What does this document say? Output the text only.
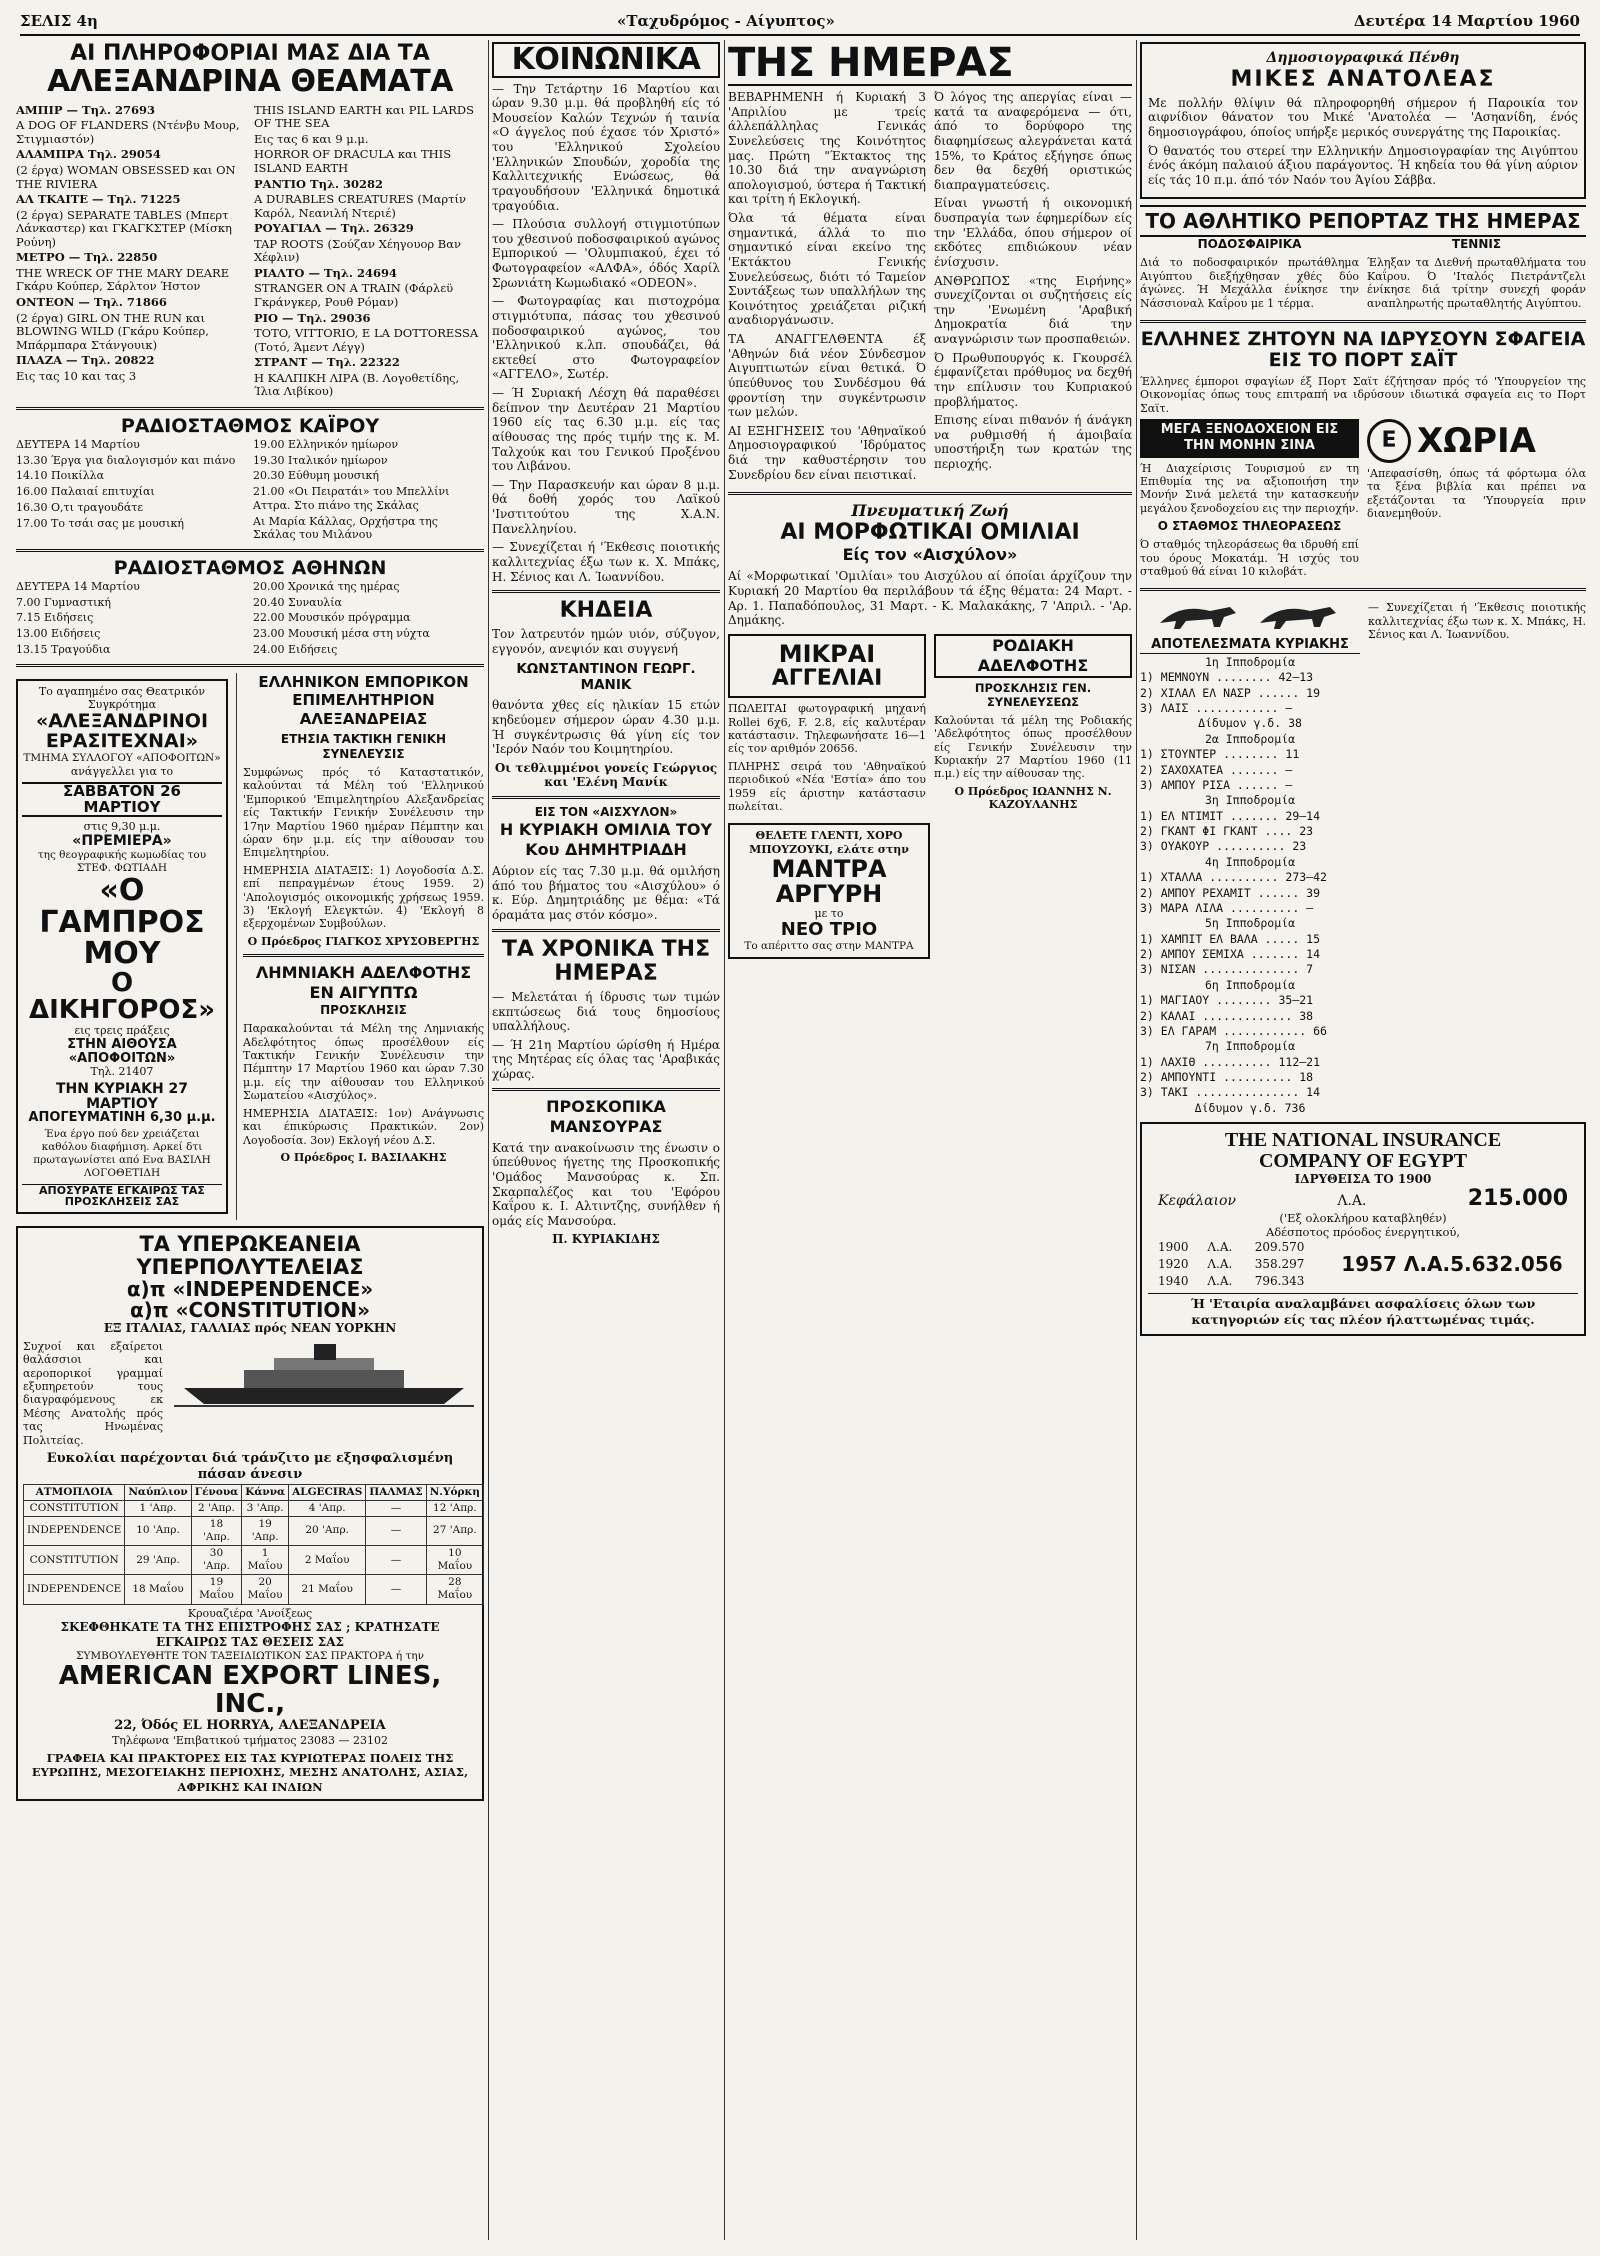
ΣΕΛΙΣ 4η	«Ταχυδρόμος - Αίγυπτος»	Δευτέρα 14 Μαρτίου 1960
ΑΙ ΠΛΗΡΟΦΟΡΙΑΙ ΜΑΣ ΔΙΑ ΤΑ
ΑΛΕΞΑΝΔΡΙΝΑ ΘΕΑΜΑΤΑ

ΑΜΠΙΡ — Τηλ. 27693

A DOG OF FLANDERS (Ντένβυ Μουρ, Στιγμιαστόν)

ΑΛΑΜΠΡΑ Τηλ. 29054

(2 έργα) WOMAN OBSESSED και ON THE RIVIERA

ΑΛ ΤΚΑΙΤΕ — Τηλ. 71225

(2 έργα) SEPARATE TABLES (Μπερτ Λάνκαστερ) και ΓΚΑΓΚΣΤΕΡ (Μίσκη Ρούνη)

ΜΕΤΡΟ — Τηλ. 22850

THE WRECK OF THE MARY DEARE Γκάρυ Κούπερ, Σάρλτον Ήστον

ΟΝΤΕΟΝ — Τηλ. 71866

(2 έργα) GIRL ON THE RUN και BLOWING WILD (Γκάρυ Κούπερ, Μπάρμπαρα Στάνγουικ)

ΠΛΑΖΑ — Τηλ. 20822

Εις τας 10 και τας 3

THIS ISLAND EARTH και PIL LARDS OF THE SEA

Εις τας 6 και 9 μ.μ.

HORROR OF DRACULA και THIS ISLAND EARTH

ΡΑΝΤΙΟ Τηλ. 30282

A DURABLES CREATURES (Μαρτίν Καρόλ, Νεανιλή Ντεριέ)

ΡΟΥΑΓΙΑΛ — Τηλ. 26329

TAP ROOTS (Σούζαν Χέηγουορ Βαν Χέφλιν)

ΡΙΑΛΤΟ — Τηλ. 24694

STRANGER ON A TRAIN (Φάρλεϋ Γκράνγκερ, Ρουθ Ρόμαν)

ΡΙΟ — Τηλ. 29036

TOTO, VITTORIO, E LA DOTTORESSA (Τοτό, Άμεντ Λέγγ)

ΣΤΡΑΝΤ — Τηλ. 22322

Η ΚΑΛΠΙΚΗ ΛΙΡΑ (Β. Λογοθετίδης, Ίλια Λιβίκου)

ΡΑΔΙΟΣΤΑΘΜΟΣ ΚΑΪΡΟΥ
ΔΕΥΤΕΡΑ 14 Μαρτίου
13.30 Έργα για διαλογισμόν και πιάνο
14.10 Ποικίλλα
16.00 Παλαιαί επιτυχίαι
16.30 Ο,τι τραγουδάτε
17.00 Το τσάι σας με μουσική
19.00 Ελληνικόν ημίωρον
19.30 Ιταλικόν ημίωρον
20.30 Εύθυμη μουσική
21.00 «Οι Πειρατάι» του Μπελλίνι Αττρα. Στο πιάνο της Σκάλας
Αι Μαρία Κάλλας, Ορχήστρα της Σκάλας του Μιλάνου
ΡΑΔΙΟΣΤΑΘΜΟΣ ΑΘΗΝΩΝ
ΔΕΥΤΕΡΑ 14 Μαρτίου
7.00 Γυμναστική
7.15 Ειδήσεις
13.00 Ειδήσεις
13.15 Τραγούδια
20.00 Χρονικά της ημέρας
20.40 Συναυλία
22.00 Μουσικόν πρόγραμμα
23.00 Μουσική μέσα στη νύχτα
24.00 Ειδήσεις
Το αγαπημένο σας Θεατρικόν Συγκρότημα
«ΑΛΕΞΑΝΔΡΙΝΟΙ
ΕΡΑΣΙΤΕΧΝΑΙ»
ΤΜΗΜΑ ΣΥΛΛΟΓΟΥ «ΑΠΟΦΟΙΤΩΝ»
ανάγγελλει για το
ΣΑΒΒΑΤΟΝ 26 ΜΑΡΤΙΟΥ
στις 9,30 μ.μ.
«ΠΡΕΜΙΕΡΑ»
της θεογραφικής κωμωδίας του ΣΤΕΦ. ΦΩΤΙΑΔΗ
«Ο ΓΑΜΠΡΟΣ
ΜΟΥ
Ο ΔΙΚΗΓΟΡΟΣ»
εις τρεις πράξεις
ΣΤΗΝ ΑΙΘΟΥΣΑ «ΑΠΟΦΟΙΤΩΝ»
Τηλ. 21407
ΤΗΝ ΚΥΡΙΑΚΗ 27 ΜΑΡΤΙΟΥ
ΑΠΟΓΕΥΜΑΤΙΝΗ 6,30 μ.μ.
Ένα έργο πού δεν χρειάζεται καθόλου διαφήμιση. Αρκεί δτι πρωταγωνίστει από Ενα ΒΑΣΙΛΗ ΛΟΓΟΘΕΤΙΔΗ
ΑΠΟΣΥΡΑΤΕ ΕΓΚΑΙΡΩΣ ΤΑΣ ΠΡΟΣΚΛΗΣΕΙΣ ΣΑΣ
ΕΛΛΗΝΙΚΟΝ ΕΜΠΟΡΙΚΟΝ ΕΠΙΜΕΛΗΤΗΡΙΟΝ ΑΛΕΞΑΝΔΡΕΙΑΣ
ΕΤΗΣΙΑ ΤΑΚΤΙΚΗ ΓΕΝΙΚΗ ΣΥΝΕΛΕΥΣΙΣ

Συμφώνως πρός τό Καταστατικόν, καλούνται τά Μέλη τού 'Ελληνικού 'Εμπορικού 'Επιμελητηρίου Αλεξανδρείας είς Τακτικήν Γενικήν Συνέλευσιν την 17ην Μαρτίου 1960 ημέραν Πέμπτην και ώραν 6ην μ.μ. είς την αίθουσαν του Επιμελητηρίου.

ΗΜΕΡΗΣΙΑ ΔΙΑΤΑΞΙΣ: 1) Λογοδοσία Δ.Σ. επί πεπραγμένων έτους 1959. 2) 'Απολογισμός οικονομικής χρήσεως 1959. 3) 'Εκλογή Ελεγκτών. 4) 'Εκλογή 8 εξερχομένων Συμβούλων.

Ο Πρόεδρος ΓΙΑΓΚΟΣ ΧΡΥΣΟΒΕΡΓΗΣ

ΛΗΜΝΙΑΚΗ ΑΔΕΛΦΟΤΗΣ ΕΝ ΑΙΓΥΠΤΩ
ΠΡΟΣΚΛΗΣΙΣ

Παρακαλούνται τά Μέλη της Λημνιακής Αδελφότητος όπως προσέλθουν είς Τακτικήν Γενικήν Συνέλευσιν την Πέμπτην 17 Μαρτίου 1960 και ώραν 7.30 μ.μ. είς την αίθουσαν του Ελληνικού Σωματείου «Αισχύλος».

ΗΜΕΡΗΣΙΑ ΔΙΑΤΑΞΙΣ: 1ον) Ανάγνωσις και έπικύρωσις Πρακτικών. 2ον) Λογοδοσία. 3ον) Εκλογή νέου Δ.Σ.

Ο Πρόεδρος Ι. ΒΑΣΙΛΑΚΗΣ

ΤΑ ΥΠΕΡΩΚΕΑΝΕΙΑ ΥΠΕΡΠΟΛΥΤΕΛΕΙΑΣ
α)π «INDEPENDENCE»
α)π «CONSTITUTION»
ΕΞ ΙΤΑΛΙΑΣ, ΓΑΛΛΙΑΣ πρός ΝΕΑΝ ΥΟΡΚΗΝ

Συχνοί και εξαίρετοι θαλάσσιοι και αεροπορικοί γραμμαί εξυπηρετούν τους διαγραφόμενους εκ Μέσης Ανατολής πρός τας Ηνωμένας Πολιτείας.

Ευκολίαι παρέχονται διά τράνζιτο με εξησφαλισμένη πάσαν άνεσιν
ΑΤΜΟΠΛΟΙΑ	Ναύπλιον	Γένουα	Κάννα	ALGECIRAS	ΠΑΛΜΑΣ	Ν.Υόρκη
CONSTITUTION	1 'Απρ.	2 'Απρ.	3 'Απρ.	4 'Απρ.	—	12 'Απρ.
INDEPENDENCE	10 'Απρ.	18 'Απρ.	19 'Απρ.	20 'Απρ.	—	27 'Απρ.
CONSTITUTION	29 'Απρ.	30 'Απρ.	1 Μαΐου	2 Μαΐου	—	10 Μαΐου
INDEPENDENCE	18 Μαΐου	19 Μαΐου	20 Μαΐου	21 Μαΐου	—	28 Μαΐου
Κρουαζιέρα 'Ανοίξεως
ΣΚΕΦΘΗΚΑΤΕ ΤΑ ΤΗΣ ΕΠΙΣΤΡΟΦΗΣ ΣΑΣ ; ΚΡΑΤΗΣΑΤΕ ΕΓΚΑΙΡΩΣ ΤΑΣ ΘΕΣΕΙΣ ΣΑΣ
ΣΥΜΒΟΥΛΕΥΘΗΤΕ ΤΟΝ ΤΑΞΕΙΔΙΩΤΙΚΟΝ ΣΑΣ ΠΡΑΚΤΟΡΑ ή την
AMERICAN EXPORT LINES, INC.,
22, Όδός EL HORRYA, ΑΛΕΞΑΝΔΡΕΙΑ
Τηλέφωνα 'Επιβατικού τμήματος 23083 — 23102
ΓΡΑΦΕΙΑ ΚΑΙ ΠΡΑΚΤΟΡΕΣ ΕΙΣ ΤΑΣ ΚΥΡΙΩΤΕΡΑΣ ΠΟΛΕΙΣ ΤΗΣ ΕΥΡΩΠΗΣ, ΜΕΣΟΓΕΙΑΚΗΣ ΠΕΡΙΟΧΗΣ, ΜΕΣΗΣ ΑΝΑΤΟΛΗΣ, ΑΣΙΑΣ, ΑΦΡΙΚΗΣ ΚΑΙ ΙΝΔΙΩΝ
ΚΟΙΝΩΝΙΚΑ

— Την Τετάρτην 16 Μαρτίου και ώραν 9.30 μ.μ. θά προβληθή είς τό Μουσείον Καλών Τεχνών ή ταινία «Ο άγγελος πού έχασε τόν Χριστό» του 'Ελληνικού Σχολείου 'Ελληνικών Σπουδών, χοροδία της Καλλιτεχνικής Ενώσεως, θά τραγουδήσουν 'Ελληνικά δημοτικά τραγούδια.

— Πλούσια συλλογή στιγμιοτύπων του χθεσινού ποδοσφαιρικού αγώνος Εμπορικού — 'Ολυμπιακού, έχει τό Φωτογραφείον «ΑΛΦΑ», όδός Χαρίλ Σρωνιάτη Κωμωδιακό «ODEON».

— Φωτογραφίας και πιστοχρόμα στιγμιότυπα, πάσας του χθεσινού ποδοσφαιρικού αγώνος, του 'Ελληνικού κ.λπ. σπουδάζει, θά εκτεθεί στο Φωτογραφείον «ΑΓΓΕΛΟ», Σωτέρ.

— Ή Συριακή Λέσχη θά παραθέσει δείπνον την Δευτέραν 21 Μαρτίου 1960 είς τας 6.30 μ.μ. είς τας αίθουσας της πρός τιμήν της κ. Μ. Ταλχούκ και του Γενικού Προξένου του Λιβάνου.

— Την Παρασκευήν και ώραν 8 μ.μ. θά δοθή χορός του Λαϊκού 'Ινστιτούτου της Χ.Α.Ν. Πανελληνίου.

— Συνεχίζεται ή 'Έκθεσις ποιοτικής καλλιτεχνίας έξω των κ. Χ. Μπάκς, Η. Σένιος και Λ. Ίωαννίδου.

ΚΗΔΕΙΑ

Τον λατρευτόν ημών υιόν, σύζυγον, εγγονόν, ανεψιόν και συγγενή

ΚΩΝΣΤΑΝΤΙΝΟΝ ΓΕΩΡΓ. ΜΑΝΙΚ

θανόντα χθες είς ηλικίαν 15 ετών κηδεύομεν σήμερον ώραν 4.30 μ.μ. Ή συγκέντρωσις θά γίνη είς τον 'Ιερόν Ναόν του Κοιμητηρίου.

Οι τεθλιμμένοι γονείς Γεώργιος και 'Ελένη Μανίκ

ΕΙΣ ΤΟΝ «ΑΙΣΧΥΛΟΝ»
Η ΚΥΡΙΑΚΗ ΟΜΙΛΙΑ ΤΟΥ Κου ΔΗΜΗΤΡΙΑΔΗ

Αύριον είς τας 7.30 μ.μ. θά ομιλήση άπό του βήματος του «Αισχύλου» ό κ. Εύρ. Δημητριάδης με θέμα: «Τά όραμάτα μας στόν κόσμο».

ΤΑ ΧΡΟΝΙΚΑ ΤΗΣ ΗΜΕΡΑΣ

— Μελετάται ή ίδρυσις των τιμών εκπτώσεως διά τους δημοσίους υπαλλήλους.

— Ή 21η Μαρτίου ώρίσθη ή Ημέρα της Μητέρας είς όλας τας 'Αραβικάς χώρας.

ΠΡΟΣΚΟΠΙΚΑ ΜΑΝΣΟΥΡΑΣ

Κατά την ανακοίνωσιν της ένωσιν ο ύπεύθυνος ήγετης της Προσκοπικής 'Ομάδος Μανσούρας κ. Σπ. Σκαρπαλέζος και του 'Εφόρου Καΐρου κ. Ι. Αλτιντζης, συνήλθεν ή ομάς είς Μανσούρα.

Π. ΚΥΡΙΑΚΙΔΗΣ

ΤΗΣ ΗΜΕΡΑΣ

ΒΕΒΑΡΗΜΕΝΗ ή Κυριακή 3 'Απριλίου με τρείς άλλεπάλληλας Γενικάς Συνελεύσεις της Κοινότητος μας. Πρώτη "Έκτακτος της 10.30 διά την αναγνώριση απολογισμού, ύστερα ή Τακτική και τρίτη ή Εκλογική.

Όλα τά θέματα είναι σημαντικά, άλλά το πιο σημαντικό είναι εκείνο της 'Εκτάκτου Γενικής Συνελεύσεως, διότι τό Ταμείον Συντάξεως των υπαλλήλων της Κοινότητος χρειάζεται ριζική αναδιοργάνωσιν.

ΤΑ ΑΝΑΓΓΕΛΘΕΝΤΑ έξ 'Αθηνών διά νέον Σύνδεσμον Αιγυπτιωτών είναι θετικά. Ό ύπεύθυνος του Συνδέσμου θά φροντίση την συγκέντρωσιν των μελών.

ΑΙ ΕΞΗΓΗΣΕΙΣ του 'Αθηναϊκού Δημοσιογραφικού 'Ιδρύματος διά την καθυστέρησιν του Συνεδρίου δεν είναι πειστικαί.

Ό λόγος της απεργίας είναι — κατά τα αναφερόμενα — ότι, άπό το δορύφορο της διαφημίσεως αλεγράνεται κατά 15%, το Κράτος εξήγησε όπως δεν θα δεχθή οριστικώς διαπραγματεύσεις.

Είναι γνωστή ή οικονομική δυσπραγία των έφημερίδων είς την 'Ελλάδα, όπου σήμερον οί εκδότες επιδιώκουν νέαν ένίσχυσιν.

ΑΝΘΡΩΠΟΣ «της Ειρήνης» συνεχίζονται οι συζητήσεις είς την 'Ενωμένη 'Αραβική Δημοκρατία διά την αναγνώρισιν των προσπαθειών.

Ό Πρωθυπουργός κ. Γκουρσέλ έμφανίζεται πρόθυμος να δεχθή την επίλυσιν του Κυπριακού προβλήματος.

Επισης είναι πιθανόν ή άνάγκη να ρυθμισθή ή άμοιβαία υποστήριξη των κρατών της περιοχής.

Πνευματική Ζωή
ΑΙ ΜΟΡΦΩΤΙΚΑΙ ΟΜΙΛΙΑΙ
Είς τον «Αισχύλον»

Αί «Μορφωτικαί 'Ομιλίαι» του Αισχύλου αί όποίαι άρχίζουν την Κυριακή 20 Μαρτίου θα περιλάβουν τά έξης θέματα: 24 Μαρτ. - Αρ. 1. Παπαδόπουλος, 31 Μαρτ. - Κ. Μαλακάκης, 7 'Απριλ. - 'Αρ. Δημάκης.

ΜΙΚΡΑΙ
ΑΓΓΕΛΙΑΙ

ΠΩΛΕΙΤΑΙ φωτογραφική μηχανή Rollei 6χ6, F. 2.8, είς καλυτέραν κατάστασιν. Τηλεφωνήσατε 16—1 είς τον αριθμόν 20656.

ΠΛΗΡΗΣ σειρά του 'Αθηναϊκού περιοδικού «Νέα 'Εστία» άπο του 1959 είς άριστην κατάστασιν πωλείται.

ΡΟΔΙΑΚΗ ΑΔΕΛΦΟΤΗΣ
ΠΡΟΣΚΛΗΣΙΣ ΓΕΝ. ΣΥΝΕΛΕΥΣΕΩΣ

Καλούνται τά μέλη της Ροδιακής 'Αδελφότητος όπως προσέλθουν είς Γενικήν Συνέλευσιν την Κυριακήν 27 Μαρτίου 1960 (11 π.μ.) είς την αίθουσαν της.

Ο Πρόεδρος ΙΩΑΝΝΗΣ Ν. ΚΑΖΟΥΛΑΝΗΣ

ΘΕΛΕΤΕ ΓΛΕΝΤΙ, ΧΟΡΟ ΜΠΟΥΖΟΥΚΙ, ελάτε στην
ΜΑΝΤΡΑ ΑΡΓΥΡΗ
με το
ΝΕΟ ΤΡΙΟ
Το απέριττο σας στην ΜΑΝΤΡΑ
Δημοσιογραφικά Πένθη
ΜΙΚΕΣ ΑΝΑΤΟΛΕΑΣ

Με πολλήν θλίψιν θά πληροφορηθή σήμερον ή Παροικία τον αιφνίδιον θάνατον του Μικέ 'Ανατολέα — 'Ασηανίδη, ένός δημοσιογράφου, όποίος υπήρξε μερικός συνεργάτης της Παροικίας.

Ό θανατός του στερεί την Ελληνικήν Δημοσιογραφίαν της Αιγύπτου ένός άκόμη παλαιού άξιου παράγοντος. Ή κηδεία του θά γίνη αύριον είς τάς 10 π.μ. άπό τόν Ναόν του Άγίου Σάββα.

ΤΟ ΑΘΛΗΤΙΚΟ ΡΕΠΟΡΤΑΖ ΤΗΣ ΗΜΕΡΑΣ
ΠΟΔΟΣΦΑΙΡΙΚΑ

Διά το ποδοσφαιρικόν πρωτάθλημα Αιγύπτου διεξήχθησαν χθές δύο άγώνες. Ή Μεχάλλα ένίκησε την Νάσσιοναλ Καΐρου με 1 τέρμα.

ΤΕΝΝΙΣ

Έληξαν τα Διεθνή πρωταθλήματα του Καΐρου. Ό 'Ιταλός Πιετράντζελι ένίκησε διά τρίτην συνεχή φοράν αναπληρωτής πρωταθλητής Αιγύπτου.

ΕΛΛΗΝΕΣ ΖΗΤΟΥΝ ΝΑ ΙΔΡΥΣΟΥΝ ΣΦΑΓΕΙΑ ΕΙΣ ΤΟ ΠΟΡΤ ΣΑΪΤ

Έλληνες έμποροι σφαγίων έξ Πορτ Σαϊτ έζήτησαν πρός τό 'Υπουργείον της Οικονομίας όπως τους επιτραπή να ιδρύσουν ιδιωτικά σφαγεία εις το Πορτ Σαϊτ.

ΜΕΓΑ ΞΕΝΟΔΟΧΕΙΟΝ ΕΙΣ ΤΗΝ ΜΟΝΗΝ ΣΙΝΑ

Ή Διαχείρισις Τουρισμού εν τη Επιθυμία της να αξιοποιήση την Μονήν Σινά μελετά την κατασκευήν μεγάλου ξενοδοχείου εις την περιοχήν.

Ο ΣΤΑΘΜΟΣ ΤΗΛΕΟΡΑΣΕΩΣ

Ό σταθμός τηλεοράσεως θα ιδρυθή επί του όρους Μοκατάμ. Ή ισχύς του σταθμού θά είναι 10 κιλοβάτ.

Ε ΧΩΡΙΑ

'Απεφασίσθη, όπως τά φόρτωμα όλα τα ξένα βιβλία και πρέπει να εξετάζονται τα 'Υπουργεία πριν διανεμηθούν.

ΑΠΟΤΕΛΕΣΜΑΤΑ ΚΥΡΙΑΚΗΣ

1η Ιπποδρομία

1) ΜΕΜΝΟΥΝ ........ 42—13

2) ΧΙΛΑΛ ΕΛ ΝΑΣΡ ...... 19

3) ΛΑΙΣ ............ —

Δίδυμον γ.δ. 38

2α Ιπποδρομία

1) ΣΤΟΥΝΤΕΡ ........ 11

2) ΣΑΧΟΧΑΤΕΑ ....... —

3) ΑΜΠΟΥ ΡΙΣΑ ...... —

3η Ιπποδρομία

1) ΕΛ ΝΤΙΜΙΤ ....... 29—14

2) ΓΚΑΝΤ ΦΙ ΓΚΑΝΤ .... 23

3) ΟΥΑΚΟΥΡ .......... 23

4η Ιπποδρομία

1) ΧΤΑΛΛΑ .......... 273—42

2) ΑΜΠΟΥ ΡΕΧΑΜΙΤ ...... 39

3) ΜΑΡΑ ΛΙΛΑ .......... —

5η Ιπποδρομία

1) ΧΑΜΠΙΤ ΕΛ ΒΑΛΑ ..... 15

2) ΑΜΠΟΥ ΣΕΜΙΧΑ ....... 14

3) ΝΙΣΑΝ .............. 7

6η Ιπποδρομία

1) ΜΑΓΙΑΟΥ ........ 35—21

2) ΚΑΛΑΙ ............. 38

3) ΕΛ ΓΑΡΑΜ ............ 66

7η Ιπποδρομία

1) ΛΑΧΙΘ .......... 112—21

2) ΑΜΠΟΥΝΤΙ .......... 18

3) ΤΑΚΙ ............... 14

Δίδυμον γ.δ. 736

— Συνεχίζεται ή 'Έκθεσις ποιοτικής καλλιτεχνίας έξω των κ. Χ. Μπάκς, Η. Σένιος και Λ. Ίωαννίδου.

THE NATIONAL INSURANCE
COMPANY OF EGYPT
ΙΔΡΥΘΕΙΣΑ ΤΟ 1900
Κεφάλαιον	Λ.Α.	215.000
('Εξ ολοκλήρου καταβληθέν)
Αδέσποτος πρόοδος ένεργητικού,
1900	Λ.Α.	209.570
1920	Λ.Α.	358.297
1940	Λ.Α.	796.343
1957 Λ.Α.5.632.056
Ή 'Εταιρία αναλαμβάνει ασφαλίσεις όλων των κατηγοριών είς τας πλέον ήλαττωμένας τιμάς.
